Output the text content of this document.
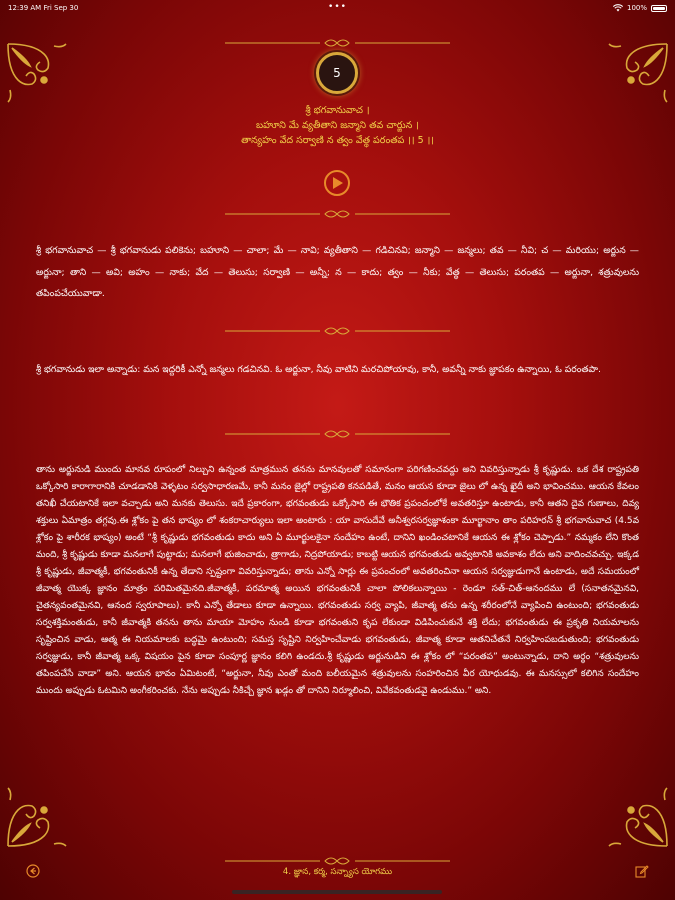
12:39 AM Fri Sep 30	•••	100%
5
శ్రీ భగవానువాచ ।
బహూని మే వ్యతీతాని జన్మాని తవ చార్జున ।
తాన్యహం వేద సర్వాణి న త్వం వేత్థ పరంతప ।। 5 ।।
శ్రీ భగవానువాచ — శ్రీ భగవానుడు పలికెను; బహూని — చాలా; మే — నావి; వ్యతీతాని — గడిచినవి; జన్మాని — జన్మలు; తవ — నీవి; చ — మరియు; అర్జున — అర్జునా; తాని — అవి; అహం — నాకు; వేద — తెలుసు; సర్వాణి — అన్నీ; న — కాదు; త్వం — నీకు; వేత్థ — తెలుసు; పరంతప — అర్జునా, శత్రువులను తపింపచేయువాడా.
శ్రీ భగవానుడు ఇలా అన్నాడు: మన ఇద్దరికీ ఎన్నో జన్మలు గడచినవి. ఓ అర్జునా, నీవు వాటిని మరచిపోయావు, కానీ, అవన్నీ నాకు జ్ఞాపకం ఉన్నాయి, ఓ పరంతపా.
తాను అర్జునుడి ముందు మానవ రూపంలో నిల్చుని ఉన్నంత మాత్రమున తనను మానవులతో సమానంగా పరిగణించవద్దు అని వివరిస్తున్నాడు శ్రీ కృష్ణుడు. ఒక దేశ రాష్ట్రపతి ఒక్కోసారి కారాగారానికి చూడడానికి వెళ్ళటం సర్వసాధారణమే, కానీ మనం జైల్లో రాష్ట్రపతి కనపడితే, మనం ఆయన కూడా జైలు లో ఉన్న ఖైదీ అని భావించము. ఆయన కేవలం తనిఖీ చేయటానికే ఇలా వచ్చాడు అని మనకు తెలుసు. ఇదే ప్రకారంగా, భగవంతుడు ఒక్కోసారి ఈ భౌతిక ప్రపంచంలోకే అవతరిస్తూ ఉంటాడు, కానీ ఆతని దైవ గుణాలు, దివ్య శక్తులు ఏమాత్రం తగ్గవు.ఈ శ్లోకం పై తన భాష్యం లో శంకరాచార్యులు ఇలా అంటారు : యా వాసుదేవే అనీశ్వరసర్వజ్ఞాశంకా మూర్ఖానాం తాం పరిహరన్ శ్రీ భగవానువాచ (4.5వ శ్లోకం పై శారీరక భాష్యం) అంటే “శ్రీ కృష్ణుడు భగవంతుడు కాదు అని ఏ మూర్ఖులకైనా సందేహం ఉంటే, దానిని ఖండించటానికే ఆయన ఈ శ్లోకం చెప్పాడు.” నమ్మకం లేని కొంత మంది, శ్రీ కృష్ణుడు కూడా మనలాగే పుట్టాడు; మనలాగే భుజించాడు, త్రాగాడు, నిద్రపోయాడు; కాబట్టి ఆయన భగవంతుడు అవ్వటానికి అవకాశం లేదు అని వాదించవచ్చు. ఇక్కడ శ్రీ కృష్ణుడు, జీవాత్మకీ, భగవంతునికీ ఉన్న తేడాని స్పష్టంగా వివరిస్తున్నాడు; తాను ఎన్నో సార్లు ఈ ప్రపంచంలో అవతరించినా ఆయన సర్వజ్ఞుడుగానే ఉంటాడు, అదే సమయంలో జీవాత్మ యొక్క జ్ఞానం మాత్రం పరిమితమైనది.జీవాత్మకీ, పరమాత్మ అయిన భగవంతునికీ చాలా పోలికలున్నాయి - రెండూ సత్-చిత్-ఆనందము లే (సనాతనమైనవి, చైతన్యవంతమైనవి, ఆనంద స్వరూపాలు). కానీ ఎన్నో తేడాలు కూడా ఉన్నాయి. భగవంతుడు సర్వ వ్యాపి, జీవాత్మ తను ఉన్న శరీరంలోనే వ్యాపించి ఉంటుంది; భగవంతుడు సర్వశక్తిమంతుడు, కానీ జీవాత్మకి తనను తాను మాయా మోహం నుండి కూడా భగవంతుని కృప లేకుండా విడిపించుకునే శక్తి లేదు; భగవంతుడు ఈ ప్రకృతి నియమాలను సృష్టించిన వాడు, ఆత్మ ఈ నియమాలకు బద్ధమై ఉంటుంది; సమస్త సృష్టిని నిర్వహించేవాడు భగవంతుడు, జీవాత్మ కూడా ఆతనిచేతనే నిర్వహింపబడుతుంది; భగవంతుడు సర్వజ్ఞుడు, కానీ జీవాత్మ ఒక్క విషయం పైన కూడా సంపూర్ణ జ్ఞానం కలిగి ఉండదు.శ్రీ కృష్ణుడు అర్జునుడిని ఈ శ్లోకం లో “పరంతప” అంటున్నాడు, దాని అర్థం “శత్రువులను తపింపచేసే వాడా” అని. ఆయన భావం ఏమిటంటే, “అర్జునా, నీవు ఎంతో మంది బలీయమైన శత్రువులను సంహరించిన వీర యోధుడవు. ఈ మనస్సులో కలిగిన సందేహం ముందు అప్పుడు ఓటమిని అంగీకరించకు. నేను అప్పుడు నీకిచ్చే జ్ఞాన ఖడ్గం తో దానిని నిర్మూలించి, వివేకవంతుడవై ఉండుము.” అని.
4. జ్ఞాన, కర్మ, సన్న్యాస యోగము
